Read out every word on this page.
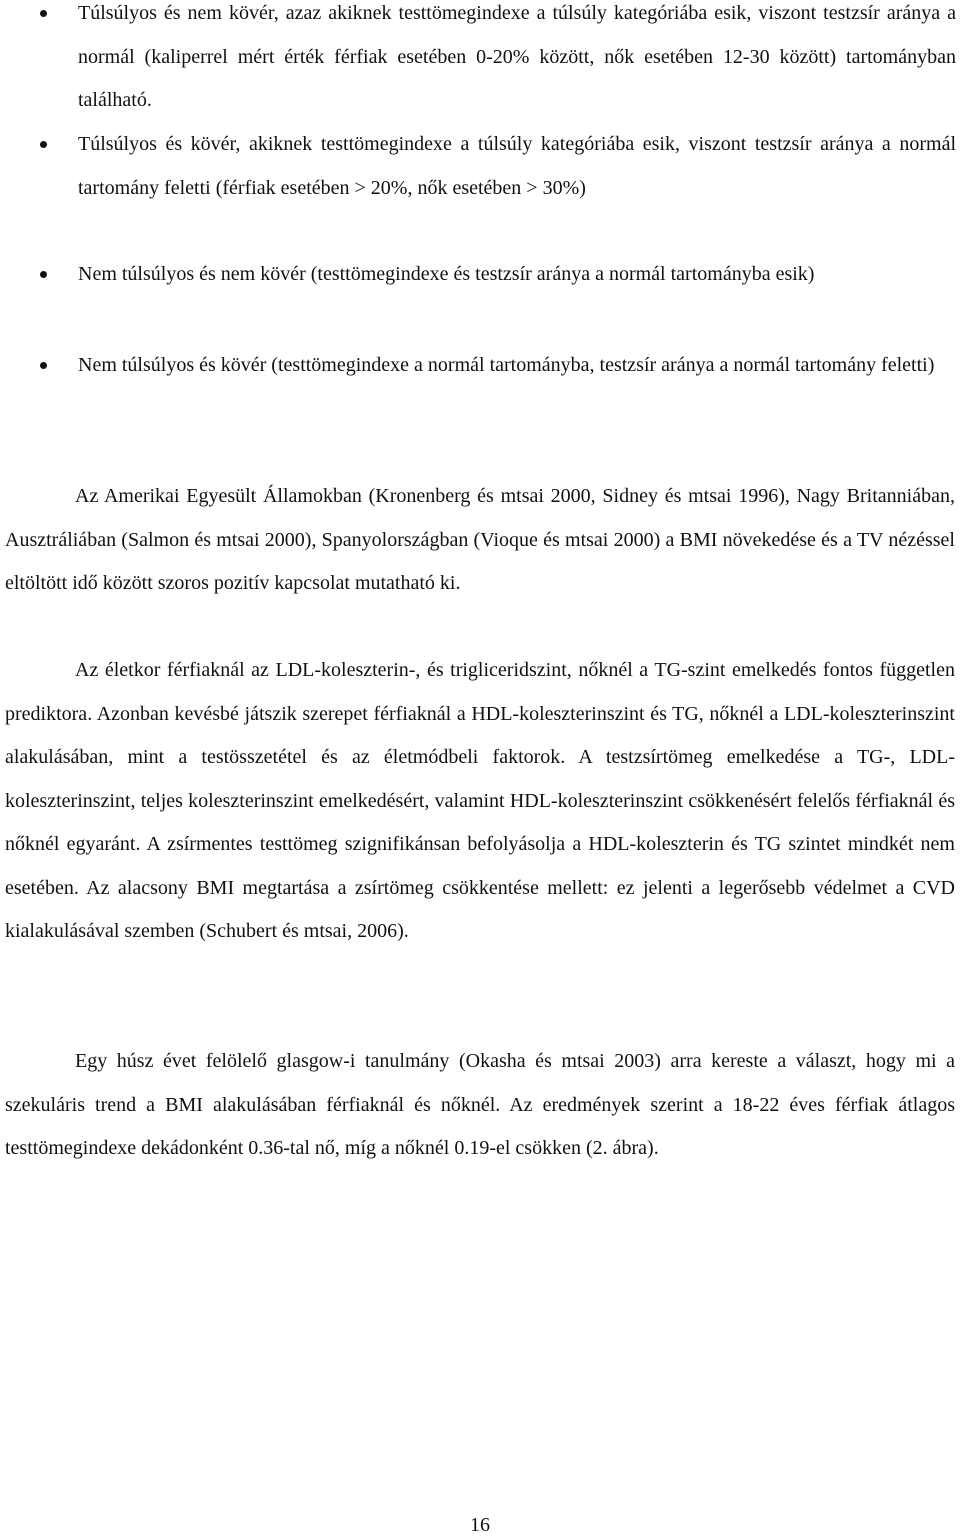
Túlsúlyos és nem kövér, azaz akiknek testtömegindexe a túlsúly kategóriába esik, viszont testzsír aránya a normál (kaliperrel mért érték férfiak esetében 0-20% között, nők esetében 12-30 között) tartományban található.
Túlsúlyos és kövér, akiknek testtömegindexe a túlsúly kategóriába esik, viszont testzsír aránya a normál tartomány feletti (férfiak esetében > 20%, nők esetében > 30%)
Nem túlsúlyos és nem kövér (testtömegindexe és testzsír aránya a normál tartományba esik)
Nem túlsúlyos és kövér (testtömegindexe a normál tartományba, testzsír aránya a normál tartomány feletti)

Az Amerikai Egyesült Államokban (Kronenberg és mtsai 2000, Sidney és mtsai 1996), Nagy Britanniában, Ausztráliában (Salmon és mtsai 2000), Spanyolországban (Vioque és mtsai 2000) a BMI növekedése és a TV nézéssel eltöltött idő között szoros pozitív kapcsolat mutatható ki.

Az életkor férfiaknál az LDL-koleszterin-, és trigliceridszint, nőknél a TG-szint emelkedés fontos független prediktora. Azonban kevésbé játszik szerepet férfiaknál a HDL-koleszterinszint és TG, nőknél a LDL-koleszterinszint alakulásában, mint a testösszetétel és az életmódbeli faktorok. A testzsírtömeg emelkedése a TG-, LDL-koleszterinszint, teljes koleszterinszint emelkedésért, valamint HDL-koleszterinszint csökkenésért felelős férfiaknál és nőknél egyaránt. A zsírmentes testtömeg szignifikánsan befolyásolja a HDL-koleszterin és TG szintet mindkét nem esetében. Az alacsony BMI megtartása a zsírtömeg csökkentése mellett: ez jelenti a legerősebb védelmet a CVD kialakulásával szemben (Schubert és mtsai, 2006).

Egy húsz évet felölelő glasgow-i tanulmány (Okasha és mtsai 2003) arra kereste a választ, hogy mi a szekuláris trend a BMI alakulásában férfiaknál és nőknél. Az eredmények szerint a 18-22 éves férfiak átlagos testtömegindexe dekádonként 0.36-tal nő, míg a nőknél 0.19-el csökken (2. ábra).

16
